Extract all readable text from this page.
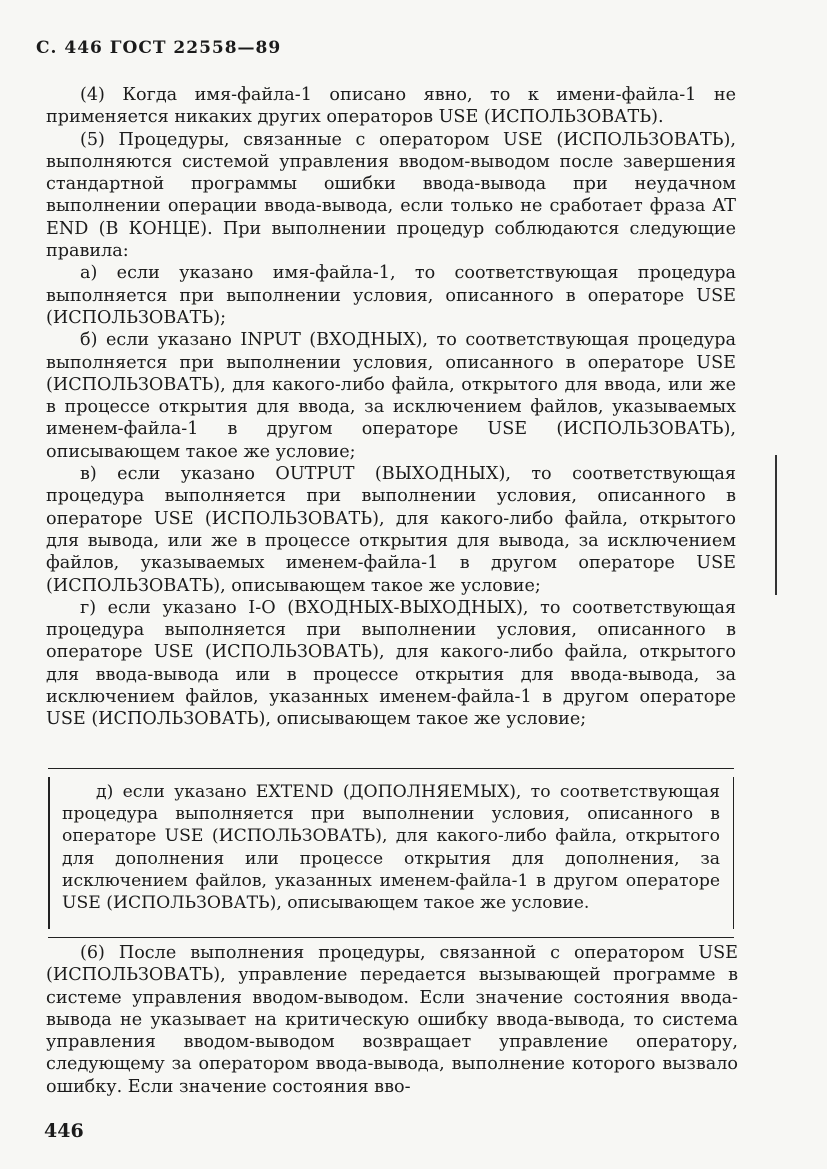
С. 446 ГОСТ 22558—89

(4) Когда имя-файла-1 описано явно, то к имени-файла-1 не применяется никаких других операторов USE (ИСПОЛЬЗОВАТЬ).

(5) Процедуры, связанные с оператором USE (ИСПОЛЬЗОВАТЬ), выполняются системой управления вводом-выводом после завершения стандартной программы ошибки ввода-вывода при неудачном выполнении операции ввода-вывода, если только не сработает фраза AT END (В КОНЦЕ). При выполнении процедур соблюдаются следующие правила:

а) если указано имя-файла-1, то соответствующая процедура выполняется при выполнении условия, описанного в операторе USE (ИСПОЛЬЗОВАТЬ);

б) если указано INPUT (ВХОДНЫХ), то соответствующая процедура выполняется при выполнении условия, описанного в операторе USE (ИСПОЛЬЗОВАТЬ), для какого-либо файла, открытого для ввода, или же в процессе открытия для ввода, за исключением файлов, указываемых именем-файла-1 в другом операторе USE (ИСПОЛЬЗОВАТЬ), описывающем такое же условие;

в) если указано OUTPUT (ВЫХОДНЫХ), то соответствующая процедура выполняется при выполнении условия, описанного в операторе USE (ИСПОЛЬЗОВАТЬ), для какого-либо файла, открытого для вывода, или же в процессе открытия для вывода, за исключением файлов, указываемых именем-файла-1 в другом операторе USE (ИСПОЛЬЗОВАТЬ), описывающем такое же условие;

г) если указано I-O (ВХОДНЫХ-ВЫХОДНЫХ), то соответствующая процедура выполняется при выполнении условия, описанного в операторе USE (ИСПОЛЬЗОВАТЬ), для какого-либо файла, открытого для ввода-вывода или в процессе открытия для ввода-вывода, за исключением файлов, указанных именем-файла-1 в другом операторе USE (ИСПОЛЬЗОВАТЬ), описывающем такое же условие;

д) если указано EXTEND (ДОПОЛНЯЕМЫХ), то соответствующая процедура выполняется при выполнении условия, описанного в операторе USE (ИСПОЛЬЗОВАТЬ), для какого-либо файла, открытого для дополнения или процессе открытия для дополнения, за исключением файлов, указанных именем-файла-1 в другом операторе USE (ИСПОЛЬЗОВАТЬ), описывающем такое же условие.

(6) После выполнения процедуры, связанной с оператором USE (ИСПОЛЬЗОВАТЬ), управление передается вызывающей программе в системе управления вводом-выводом. Если значение состояния ввода-вывода не указывает на критическую ошибку ввода-вывода, то система управления вводом-выводом возвращает управление оператору, следующему за оператором ввода-вывода, выполнение которого вызвало ошибку. Если значение состояния вво-

446
